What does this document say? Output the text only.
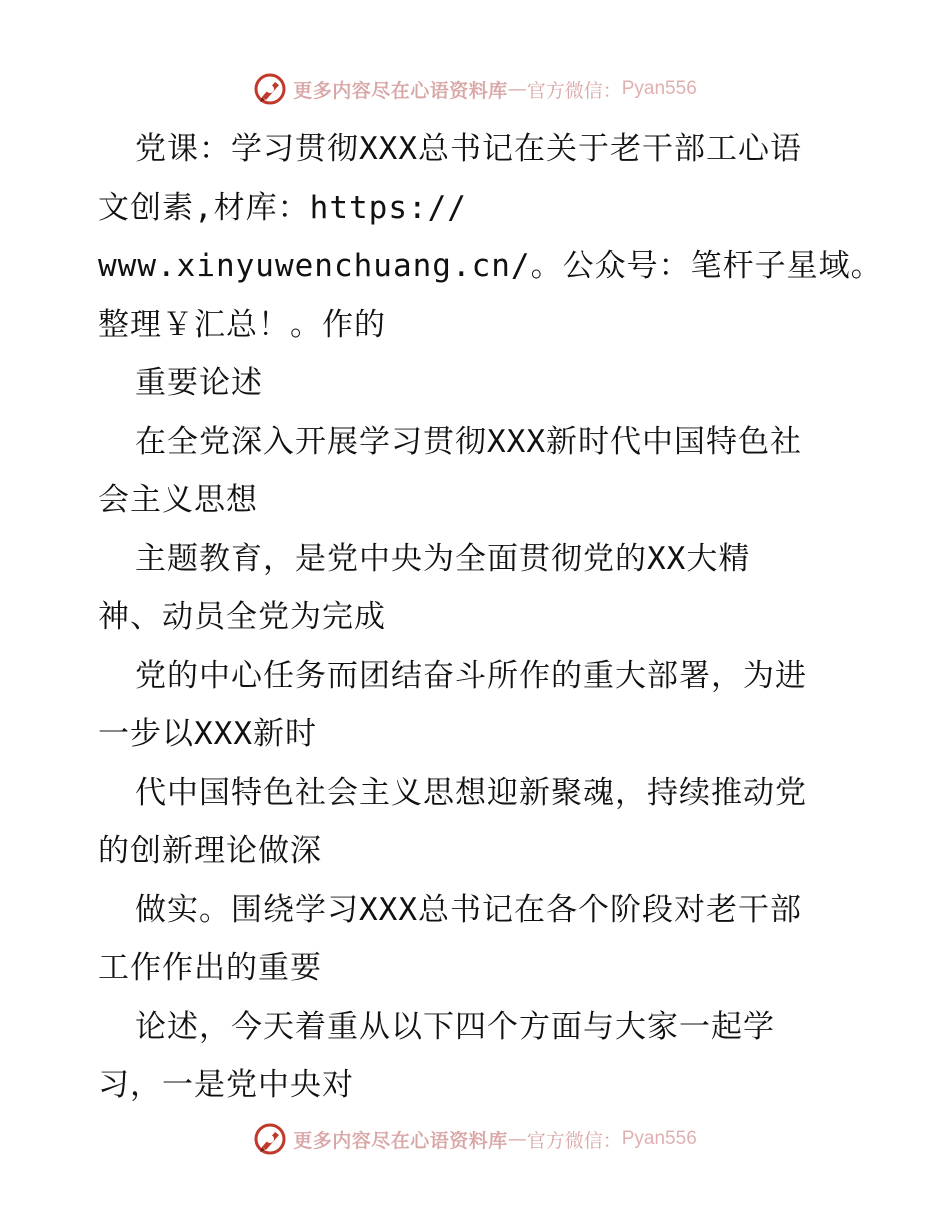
更多内容尽在心语资料库 — 官方微信： Pyan556
党课：学习贯彻XXX总书记在关于老干部工心语
文创素,材库：https://
www.xinyuwenchuang.cn/。公众号：笔杆子星域。
整理￥汇总！。作的
重要论述
在全党深入开展学习贯彻XXX新时代中国特色社
会主义思想
主题教育，是党中央为全面贯彻党的XX大精
神、动员全党为完成
党的中心任务而团结奋斗所作的重大部署，为进
一步以XXX新时
代中国特色社会主义思想迎新聚魂，持续推动党
的创新理论做深
做实。围绕学习XXX总书记在各个阶段对老干部
工作作出的重要
论述，今天着重从以下四个方面与大家一起学
习，一是党中央对
更多内容尽在心语资料库 — 官方微信： Pyan556
